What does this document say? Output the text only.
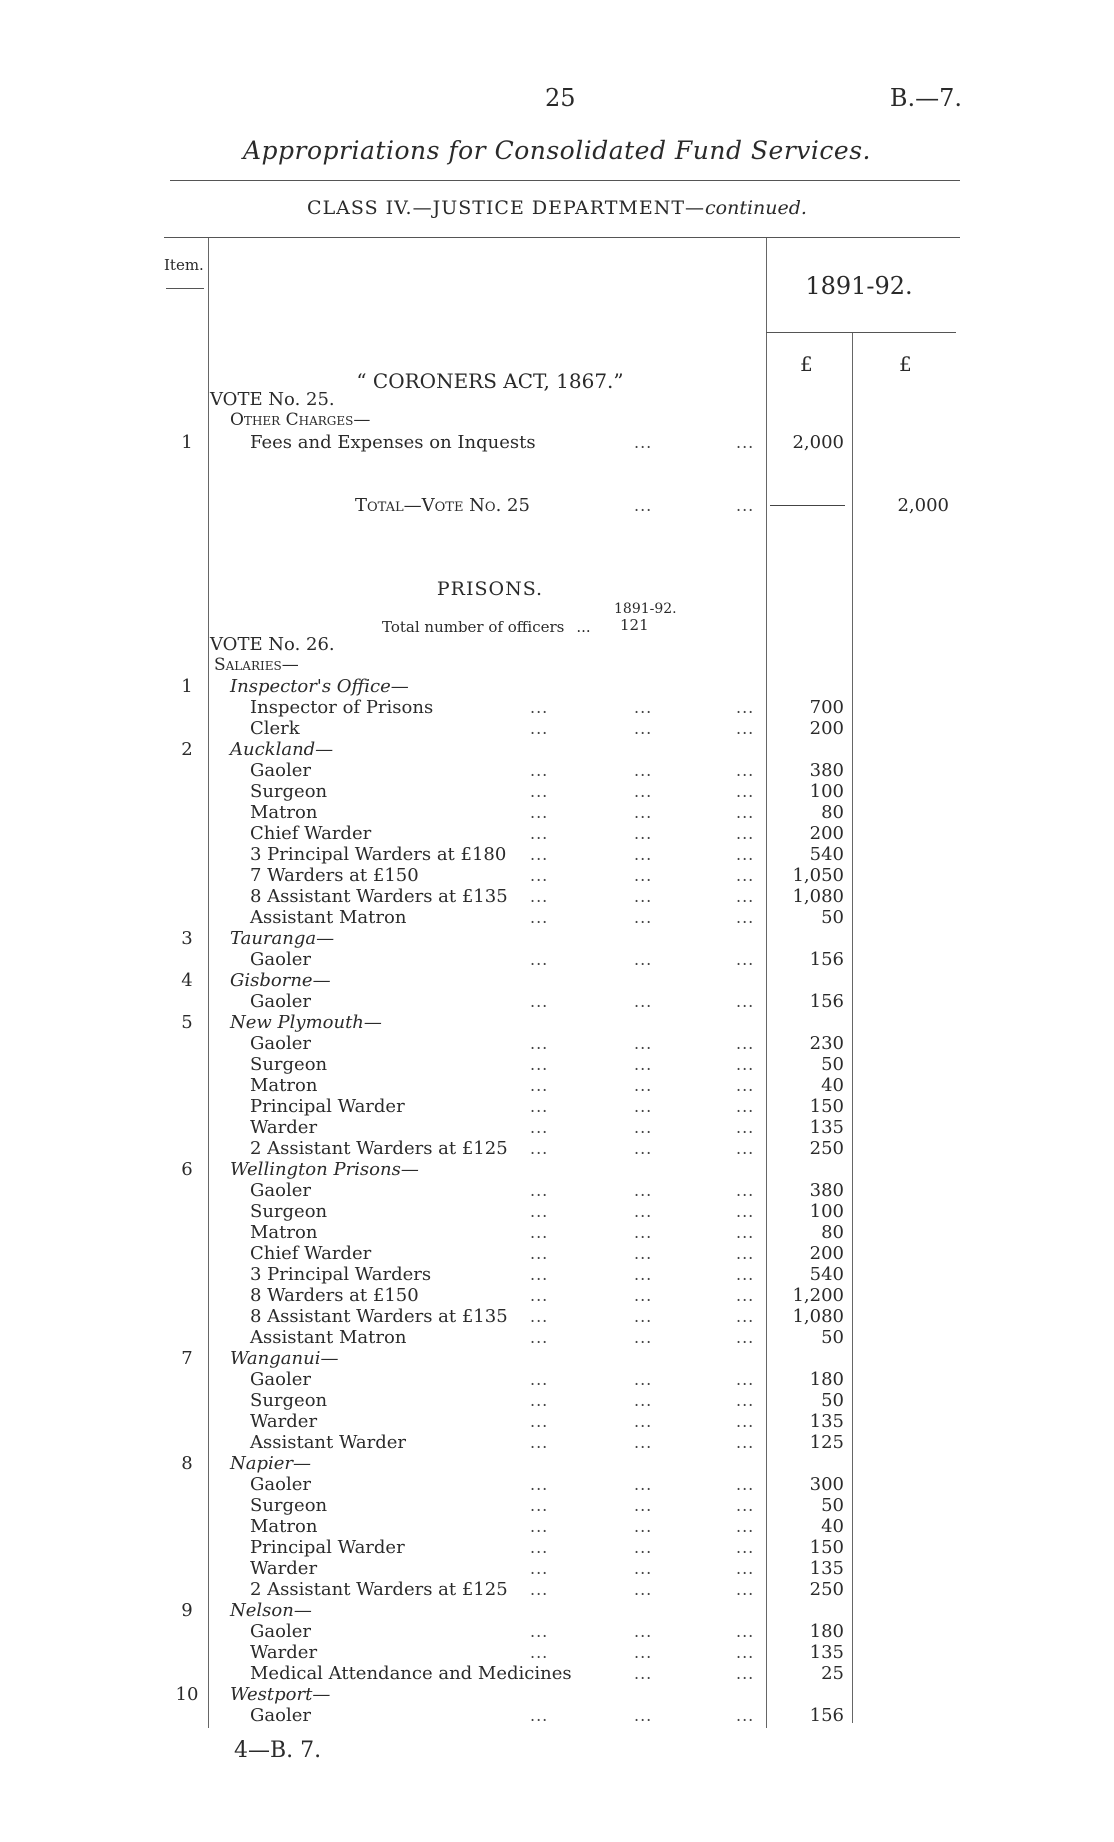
25	B.—7.
Appropriations for Consolidated Fund Services.
CLASS IV.—JUSTICE DEPARTMENT—continued.
Item.
1891-92.
£	£
“ CORONERS ACT, 1867.”
VOTE No. 25.
Other Charges—
1	Fees and Expenses on Inquests	...	...	2,000
Total—Vote No. 25	...	...	2,000
PRISONS.
1891-92.
Total number of officers ... 121
VOTE No. 26.
Salaries—
1	Inspector's Office—
Inspector of Prisons	...	...	...	700
Clerk	...	...	...	200
2	Auckland—
Gaoler	...	...	...	380
Surgeon	...	...	...	100
Matron	...	...	...	80
Chief Warder	...	...	...	200
3 Principal Warders at £180 ...	...	...	540
7 Warders at £150	...	...	...	1,050
8 Assistant Warders at £135 ...	...	...	1,080
Assistant Matron	...	...	...	50
3	Tauranga—
Gaoler	...	...	...	156
4	Gisborne—
Gaoler	...	...	...	156
5	New Plymouth—
Gaoler	...	...	...	230
Surgeon	...	...	...	50
Matron	...	...	...	40
Principal Warder	...	...	...	150
Warder	...	...	...	135
2 Assistant Warders at £125 ...	...	...	250
6	Wellington Prisons—
Gaoler	...	...	...	380
Surgeon	...	...	...	100
Matron	...	...	...	80
Chief Warder	...	...	...	200
3 Principal Warders	...	...	...	540
8 Warders at £150	...	...	...	1,200
8 Assistant Warders at £135 ...	...	...	1,080
Assistant Matron	...	...	...	50
7	Wanganui—
Gaoler	...	...	...	180
Surgeon	...	...	...	50
Warder	...	...	...	135
Assistant Warder	...	...	...	125
8	Napier—
Gaoler	...	...	...	300
Surgeon	...	...	...	50
Matron	...	...	...	40
Principal Warder	...	...	...	150
Warder	...	...	...	135
2 Assistant Warders at £125 ...	...	...	250
9	Nelson—
Gaoler	...	...	...	180
Warder	...	...	...	135
Medical Attendance and Medicines	...	...	25
10 Westport—
Gaoler	...	...	...	156
4—B. 7.
